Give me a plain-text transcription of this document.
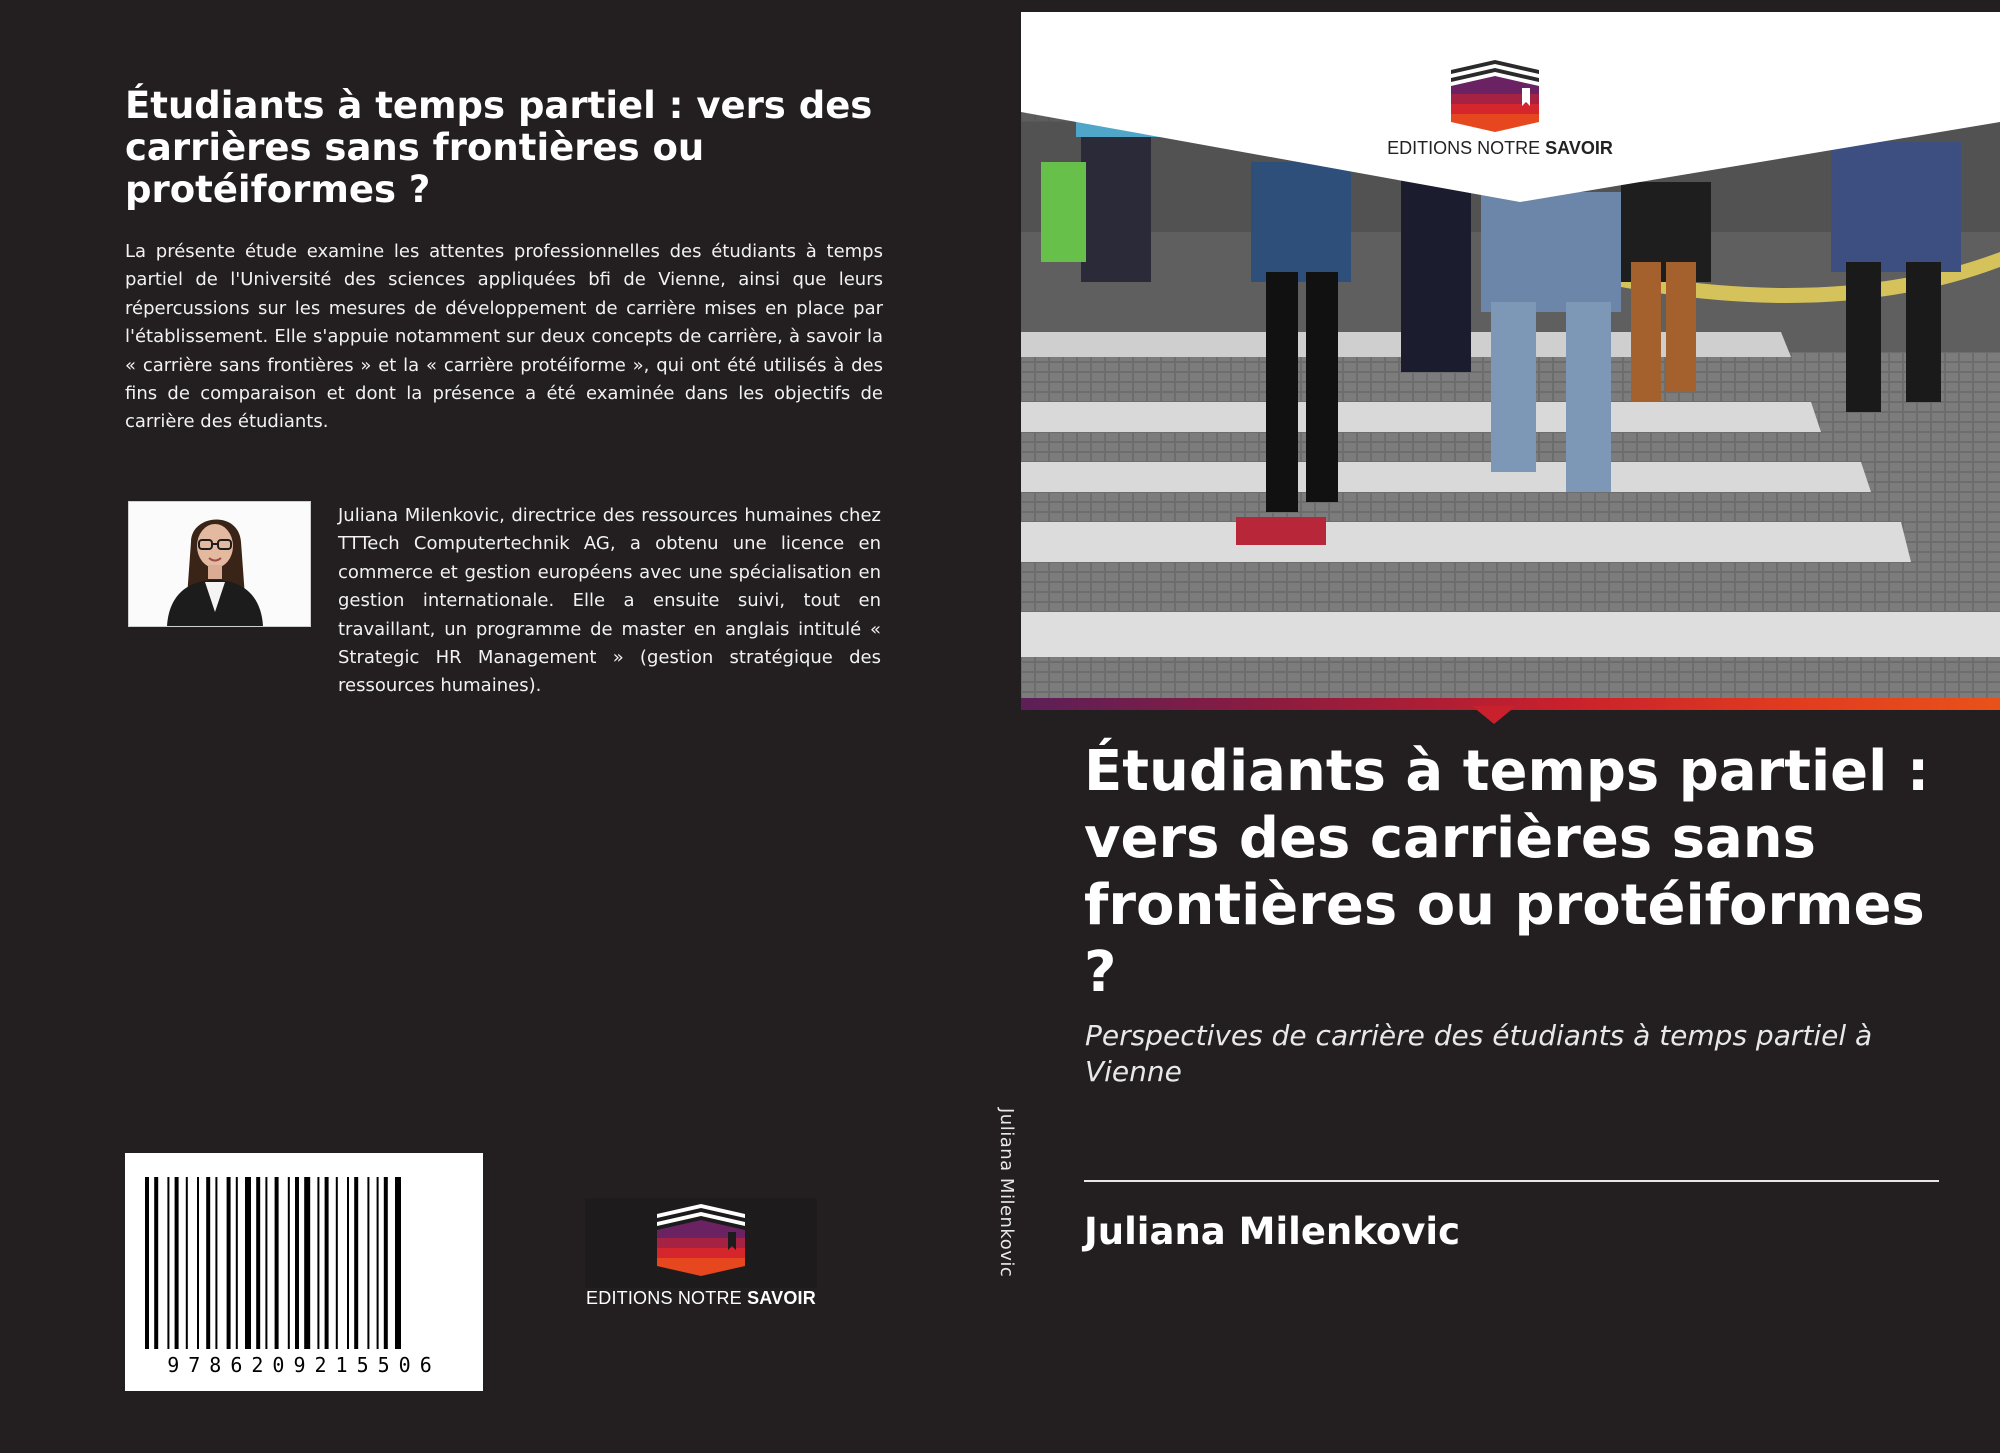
Étudiants à temps partiel : vers des carrières sans frontières ou protéiformes ?

La présente étude examine les attentes professionnelles des étudiants à temps partiel de l'Université des sciences appliquées bfi de Vienne, ainsi que leurs répercussions sur les mesures de développement de carrière mises en place par l'établissement. Elle s'appuie notamment sur deux concepts de carrière, à savoir la « carrière sans frontières » et la « carrière protéiforme », qui ont été utilisés à des fins de comparaison et dont la présence a été examinée dans les objectifs de carrière des étudiants.

Juliana Milenkovic, directrice des ressources humaines chez TTTech Computertechnik AG, a obtenu une licence en commerce et gestion européens avec une spécialisation en gestion internationale. Elle a ensuite suivi, tout en travaillant, un programme de master en anglais intitulé « Strategic HR Management » (gestion stratégique des ressources humaines).

9786209215506
EDITIONS NOTRE SAVOIR
Juliana Milenkovic
EDITIONS NOTRE SAVOIR
Étudiants à temps partiel : vers des carrières sans frontières ou protéiformes ?

Perspectives de carrière des étudiants à temps partiel à Vienne

Juliana Milenkovic
